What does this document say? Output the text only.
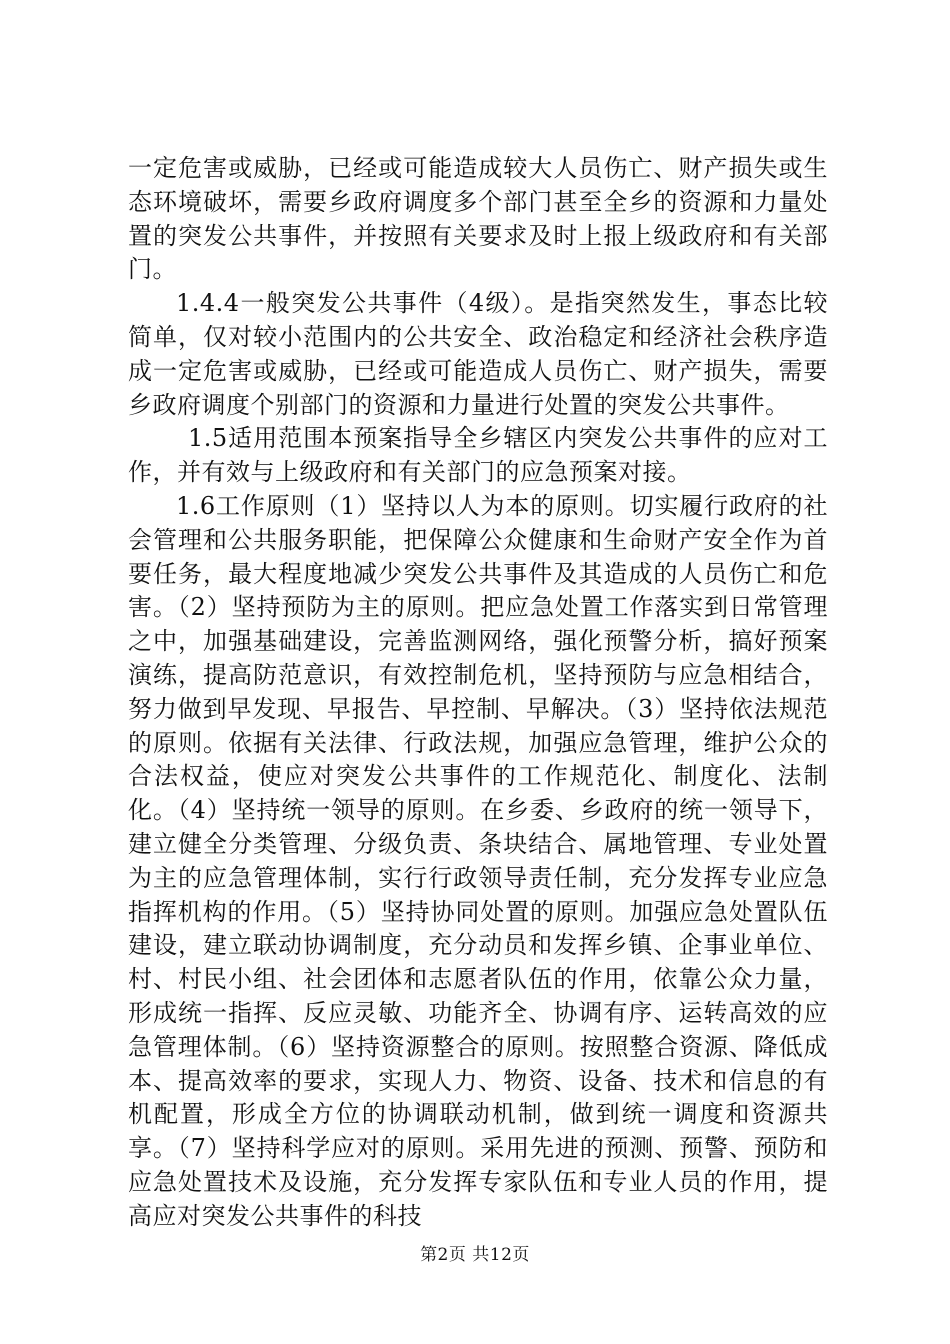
一定危害或威胁，已经或可能造成较大人员伤亡、财产损失或生态环境破坏，需要乡政府调度多个部门甚至全乡的资源和力量处置的突发公共事件，并按照有关要求及时上报上级政府和有关部门。

1.4.4一般突发公共事件（4级）。是指突然发生，事态比较简单，仅对较小范围内的公共安全、政治稳定和经济社会秩序造成一定危害或威胁，已经或可能造成人员伤亡、财产损失，需要乡政府调度个别部门的资源和力量进行处置的突发公共事件。

1.5适用范围本预案指导全乡辖区内突发公共事件的应对工作，并有效与上级政府和有关部门的应急预案对接。

1.6工作原则（1）坚持以人为本的原则。切实履行政府的社会管理和公共服务职能，把保障公众健康和生命财产安全作为首要任务，最大程度地减少突发公共事件及其造成的人员伤亡和危害。（2）坚持预防为主的原则。把应急处置工作落实到日常管理之中，加强基础建设，完善监测网络，强化预警分析，搞好预案演练，提高防范意识，有效控制危机，坚持预防与应急相结合，努力做到早发现、早报告、早控制、早解决。（3）坚持依法规范的原则。依据有关法律、行政法规，加强应急管理，维护公众的合法权益，使应对突发公共事件的工作规范化、制度化、法制化。（4）坚持统一领导的原则。在乡委、乡政府的统一领导下，建立健全分类管理、分级负责、条块结合、属地管理、专业处置为主的应急管理体制，实行行政领导责任制，充分发挥专业应急指挥机构的作用。（5）坚持协同处置的原则。加强应急处置队伍建设，建立联动协调制度，充分动员和发挥乡镇、企事业单位、村、村民小组、社会团体和志愿者队伍的作用，依靠公众力量，形成统一指挥、反应灵敏、功能齐全、协调有序、运转高效的应急管理体制。（6）坚持资源整合的原则。按照整合资源、降低成本、提高效率的要求，实现人力、物资、设备、技术和信息的有机配置，形成全方位的协调联动机制，做到统一调度和资源共享。（7）坚持科学应对的原则。采用先进的预测、预警、预防和应急处置技术及设施，充分发挥专家队伍和专业人员的作用，提高应对突发公共事件的科技

第2页 共12页
